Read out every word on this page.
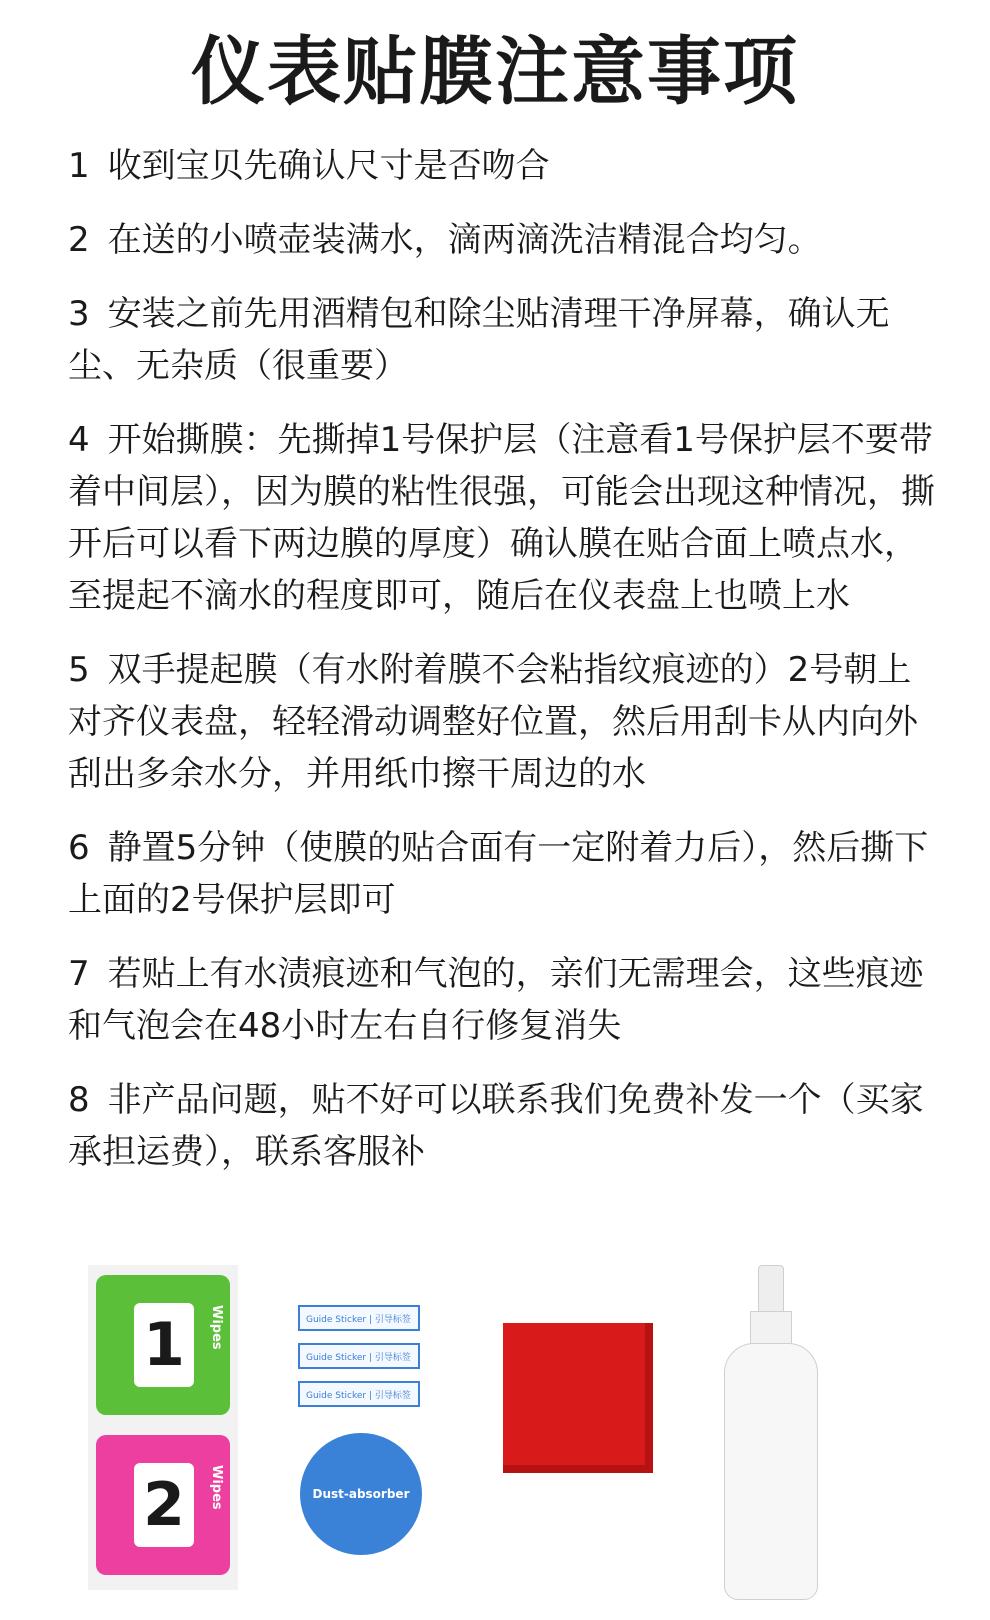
仪表贴膜注意事项

1 收到宝贝先确认尺寸是否吻合

2 在送的小喷壶装满水，滴两滴洗洁精混合均匀。

3 安装之前先用酒精包和除尘贴清理干净屏幕，确认无尘、无杂质（很重要）

4 开始撕膜：先撕掉1号保护层（注意看1号保护层不要带着中间层），因为膜的粘性很强，可能会出现这种情况，撕开后可以看下两边膜的厚度）确认膜在贴合面上喷点水，至提起不滴水的程度即可，随后在仪表盘上也喷上水

5 双手提起膜（有水附着膜不会粘指纹痕迹的）2号朝上对齐仪表盘，轻轻滑动调整好位置，然后用刮卡从内向外刮出多余水分，并用纸巾擦干周边的水

6 静置5分钟（使膜的贴合面有一定附着力后），然后撕下上面的2号保护层即可

7 若贴上有水渍痕迹和气泡的，亲们无需理会，这些痕迹和气泡会在48小时左右自行修复消失

8 非产品问题，贴不好可以联系我们免费补发一个（买家承担运费），联系客服补

1	Wipes
2	Wipes
Guide Sticker | 引导标签
Guide Sticker | 引导标签
Guide Sticker | 引导标签
Dust-absorber
